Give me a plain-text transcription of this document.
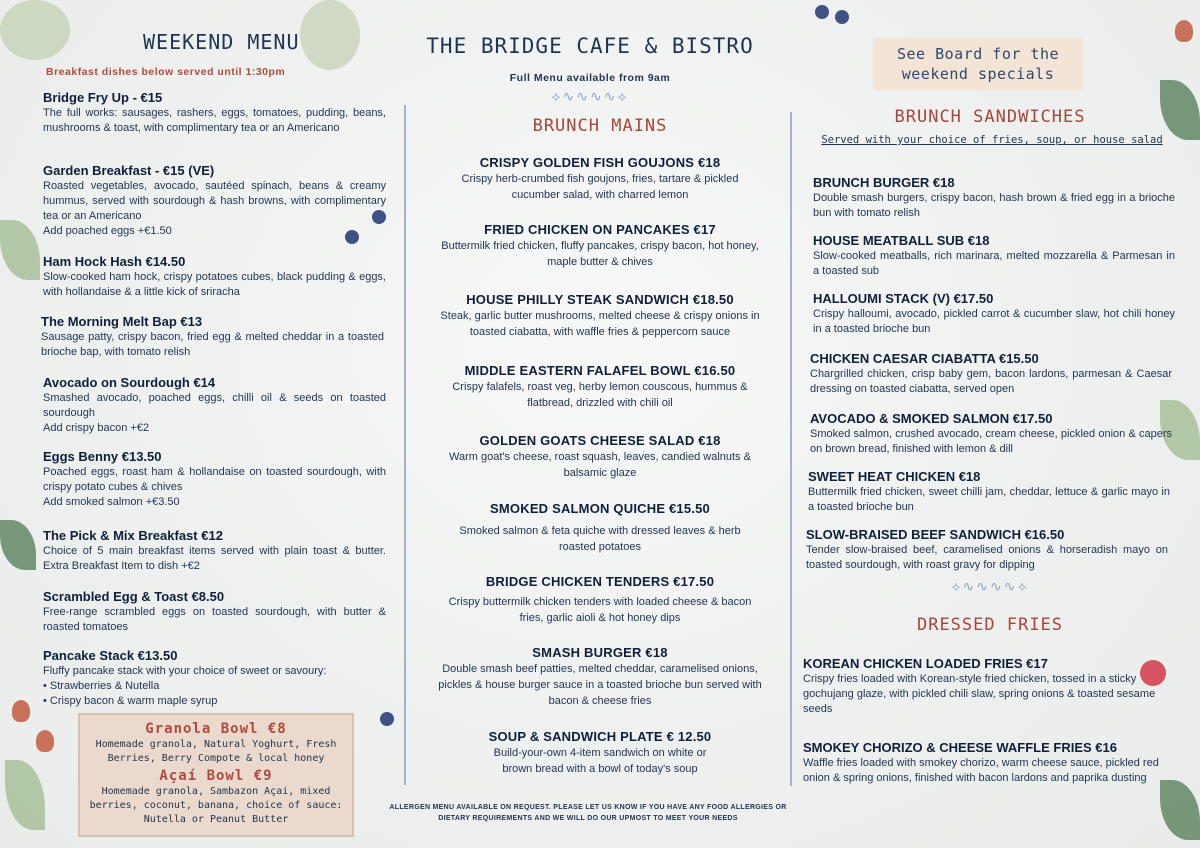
WEEKEND MENU
Breakfast dishes below served until 1:30pm
Bridge Fry Up - €15
The full works: sausages, rashers, eggs, tomatoes, pudding, beans, mushrooms & toast, with complimentary tea or an Americano
Garden Breakfast - €15 (VE)
Roasted vegetables, avocado, sautéed spinach, beans & creamy hummus, served with sourdough & hash browns, with complimentary tea or an Americano
Add poached eggs +€1.50
Ham Hock Hash €14.50
Slow-cooked ham hock, crispy potatoes cubes, black pudding & eggs, with hollandaise & a little kick of sriracha
The Morning Melt Bap €13
Sausage patty, crispy bacon, fried egg & melted cheddar in a toasted brioche bap, with tomato relish
Avocado on Sourdough €14
Smashed avocado, poached eggs, chilli oil & seeds on toasted sourdough
Add crispy bacon +€2
Eggs Benny €13.50
Poached eggs, roast ham & hollandaise on toasted sourdough, with crispy potato cubes & chives
Add smoked salmon +€3.50
The Pick & Mix Breakfast €12
Choice of 5 main breakfast items served with plain toast & butter. Extra Breakfast Item to dish +€2
Scrambled Egg & Toast €8.50
Free-range scrambled eggs on toasted sourdough, with butter & roasted tomatoes
Pancake Stack €13.50
Fluffy pancake stack with your choice of sweet or savoury:
• Strawberries & Nutella
• Crispy bacon & warm maple syrup
Granola Bowl €8
Homemade granola, Natural Yoghurt, Fresh Berries, Berry Compote & local honey
Açaí Bowl €9
Homemade granola, Sambazon Açai, mixed berries, coconut, banana, choice of sauce: Nutella or Peanut Butter
THE BRIDGE CAFE & BISTRO
Full Menu available from 9am
⟡∿∿∿∿⟡
BRUNCH MAINS
CRISPY GOLDEN FISH GOUJONS €18
Crispy herb-crumbed fish goujons, fries, tartare & pickled cucumber salad, with charred lemon
FRIED CHICKEN ON PANCAKES €17
Buttermilk fried chicken, fluffy pancakes, crispy bacon, hot honey, maple butter & chives
HOUSE PHILLY STEAK SANDWICH €18.50
Steak, garlic butter mushrooms, melted cheese & crispy onions in toasted ciabatta, with waffle fries & peppercorn sauce
MIDDLE EASTERN FALAFEL BOWL €16.50
Crispy falafels, roast veg, herby lemon couscous, hummus & flatbread, drizzled with chili oil
GOLDEN GOATS CHEESE SALAD €18
Warm goat's cheese, roast squash, leaves, candied walnuts & balsamic glaze
SMOKED SALMON QUICHE €15.50
Smoked salmon & feta quiche with dressed leaves & herb roasted potatoes
BRIDGE CHICKEN TENDERS €17.50
Crispy buttermilk chicken tenders with loaded cheese & bacon fries, garlic aioli & hot honey dips
SMASH BURGER €18
Double smash beef patties, melted cheddar, caramelised onions, pickles & house burger sauce in a toasted brioche bun served with bacon & cheese fries
SOUP & SANDWICH PLATE € 12.50
Build-your-own 4-item sandwich on white or brown bread with a bowl of today's soup
ALLERGEN MENU AVAILABLE ON REQUEST. PLEASE LET US KNOW IF YOU HAVE ANY FOOD ALLERGIES OR DIETARY REQUIREMENTS AND WE WILL DO OUR UPMOST TO MEET YOUR NEEDS
See Board for the weekend specials
BRUNCH SANDWICHES
Served with your choice of fries, soup, or house salad
BRUNCH BURGER €18
Double smash burgers, crispy bacon, hash brown & fried egg in a brioche bun with tomato relish
HOUSE MEATBALL SUB €18
Slow-cooked meatballs, rich marinara, melted mozzarella & Parmesan in a toasted sub
HALLOUMI STACK (V) €17.50
Crispy halloumi, avocado, pickled carrot & cucumber slaw, hot chili honey in a toasted brioche bun
CHICKEN CAESAR CIABATTA €15.50
Chargrilled chicken, crisp baby gem, bacon lardons, parmesan & Caesar dressing on toasted ciabatta, served open
AVOCADO & SMOKED SALMON €17.50
Smoked salmon, crushed avocado, cream cheese, pickled onion & capers on brown bread, finished with lemon & dill
SWEET HEAT CHICKEN €18
Buttermilk fried chicken, sweet chilli jam, cheddar, lettuce & garlic mayo in a toasted brioche bun
SLOW-BRAISED BEEF SANDWICH €16.50
Tender slow-braised beef, caramelised onions & horseradish mayo on toasted sourdough, with roast gravy for dipping
⟡∿∿∿∿⟡
DRESSED FRIES
KOREAN CHICKEN LOADED FRIES €17
Crispy fries loaded with Korean-style fried chicken, tossed in a sticky gochujang glaze, with pickled chili slaw, spring onions & toasted sesame seeds
SMOKEY CHORIZO & CHEESE WAFFLE FRIES €16
Waffle fries loaded with smokey chorizo, warm cheese sauce, pickled red onion & spring onions, finished with bacon lardons and paprika dusting
